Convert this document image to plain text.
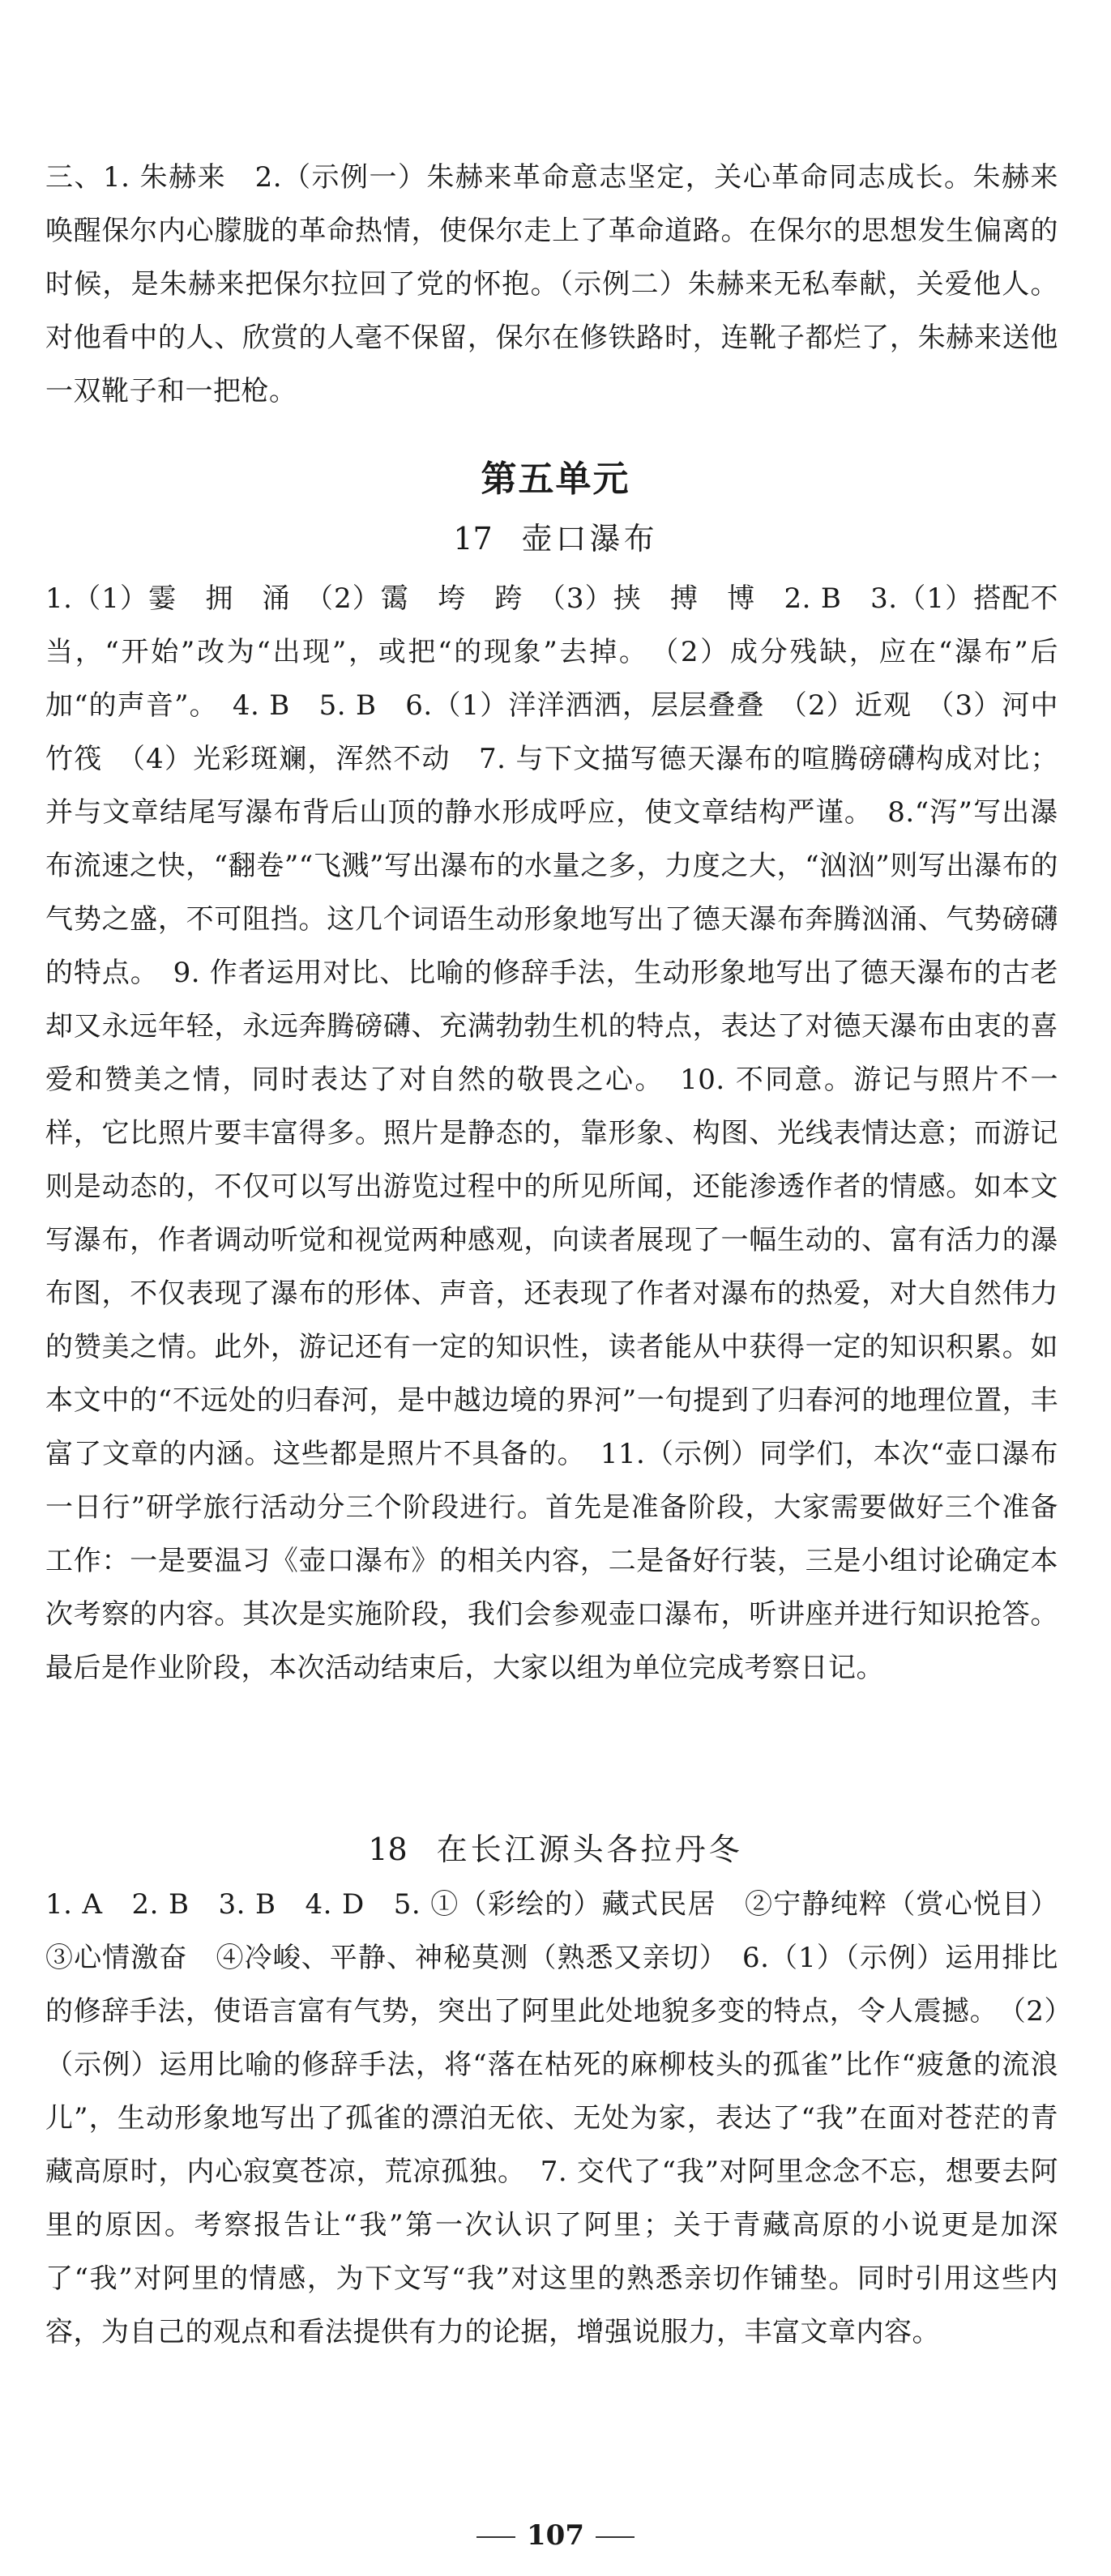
三、1. 朱赫来　2.（示例一）朱赫来革命意志坚定，关心革命同志成长。朱赫来唤醒保尔内心朦胧的革命热情，使保尔走上了革命道路。在保尔的思想发生偏离的时候，是朱赫来把保尔拉回了党的怀抱。（示例二）朱赫来无私奉献，关爱他人。对他看中的人、欣赏的人毫不保留，保尔在修铁路时，连靴子都烂了，朱赫来送他一双靴子和一把枪。
第五单元
17 壶口瀑布
1.（1）霎　拥　涌　（2）霭　垮　跨　（3）挟　搏　博　2. B　3.（1）搭配不当，“开始”改为“出现”，或把“的现象”去掉。　（2）成分残缺，应在“瀑布”后加“的声音”。　4. B　5. B　6.（1）洋洋洒洒，层层叠叠　（2）近观　（3）河中竹筏　（4）光彩斑斓，浑然不动　7. 与下文描写德天瀑布的喧腾磅礴构成对比；并与文章结尾写瀑布背后山顶的静水形成呼应，使文章结构严谨。　8.“泻”写出瀑布流速之快，“翻卷”“飞溅”写出瀑布的水量之多，力度之大，“汹汹”则写出瀑布的气势之盛，不可阻挡。这几个词语生动形象地写出了德天瀑布奔腾汹涌、气势磅礴的特点。　9. 作者运用对比、比喻的修辞手法，生动形象地写出了德天瀑布的古老却又永远年轻，永远奔腾磅礴、充满勃勃生机的特点，表达了对德天瀑布由衷的喜爱和赞美之情，同时表达了对自然的敬畏之心。　10. 不同意。游记与照片不一样，它比照片要丰富得多。照片是静态的，靠形象、构图、光线表情达意；而游记则是动态的，不仅可以写出游览过程中的所见所闻，还能渗透作者的情感。如本文写瀑布，作者调动听觉和视觉两种感观，向读者展现了一幅生动的、富有活力的瀑布图，不仅表现了瀑布的形体、声音，还表现了作者对瀑布的热爱，对大自然伟力的赞美之情。此外，游记还有一定的知识性，读者能从中获得一定的知识积累。如本文中的“不远处的归春河，是中越边境的界河”一句提到了归春河的地理位置，丰富了文章的内涵。这些都是照片不具备的。　11.（示例）同学们，本次“壶口瀑布一日行”研学旅行活动分三个阶段进行。首先是准备阶段，大家需要做好三个准备工作：一是要温习《壶口瀑布》的相关内容，二是备好行装，三是小组讨论确定本次考察的内容。其次是实施阶段，我们会参观壶口瀑布，听讲座并进行知识抢答。最后是作业阶段，本次活动结束后，大家以组为单位完成考察日记。
18 在长江源头各拉丹冬
1. A　2. B　3. B　4. D　5. ①（彩绘的）藏式民居　②宁静纯粹（赏心悦目）③心情激奋　④冷峻、平静、神秘莫测（熟悉又亲切）　6.（1）（示例）运用排比的修辞手法，使语言富有气势，突出了阿里此处地貌多变的特点，令人震撼。　（2）（示例）运用比喻的修辞手法，将“落在枯死的麻柳枝头的孤雀”比作“疲惫的流浪儿”，生动形象地写出了孤雀的漂泊无依、无处为家，表达了“我”在面对苍茫的青藏高原时，内心寂寞苍凉，荒凉孤独。　7. 交代了“我”对阿里念念不忘，想要去阿里的原因。考察报告让“我”第一次认识了阿里；关于青藏高原的小说更是加深了“我”对阿里的情感，为下文写“我”对这里的熟悉亲切作铺垫。同时引用这些内容，为自己的观点和看法提供有力的论据，增强说服力，丰富文章内容。
107
